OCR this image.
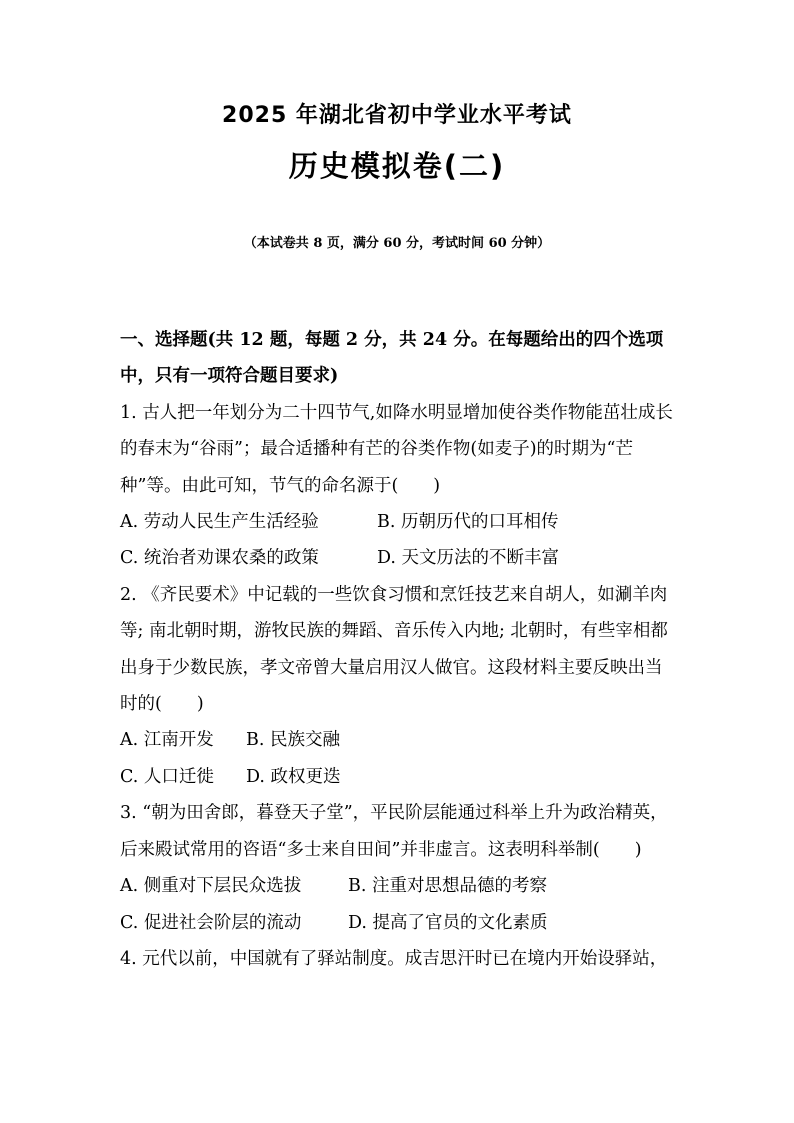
2025 年湖北省初中学业水平考试
历史模拟卷(二)
（本试卷共 8 页，满分 60 分，考试时间 60 分钟）
一、选择题(共 12 题，每题 2 分，共 24 分。在每题给出的四个选项中，只有一项符合题目要求)
1. 古人把一年划分为二十四节气,如降水明显增加使谷类作物能茁壮成长的春末为“谷雨”；最合适播种有芒的谷类作物(如麦子)的时期为“芒种”等。由此可知，节气的命名源于(　　)
A. 劳动人民生产生活经验	B. 历朝历代的口耳相传
C. 统治者劝课农桑的政策	D. 天文历法的不断丰富
2. 《齐民要术》中记载的一些饮食习惯和烹饪技艺来自胡人，如涮羊肉等; 南北朝时期，游牧民族的舞蹈、音乐传入内地; 北朝时，有些宰相都出身于少数民族，孝文帝曾大量启用汉人做官。这段材料主要反映出当时的(　　)
A. 江南开发	B. 民族交融
C. 人口迁徙	D. 政权更迭
3. “朝为田舍郎，暮登天子堂”，平民阶层能通过科举上升为政治精英，后来殿试常用的咨语“多士来自田间”并非虚言。这表明科举制(　　)
A. 侧重对下层民众选拔	B. 注重对思想品德的考察
C. 促进社会阶层的流动	D. 提高了官员的文化素质
4. 元代以前，中国就有了驿站制度。成吉思汗时已在境内开始设驿站，
